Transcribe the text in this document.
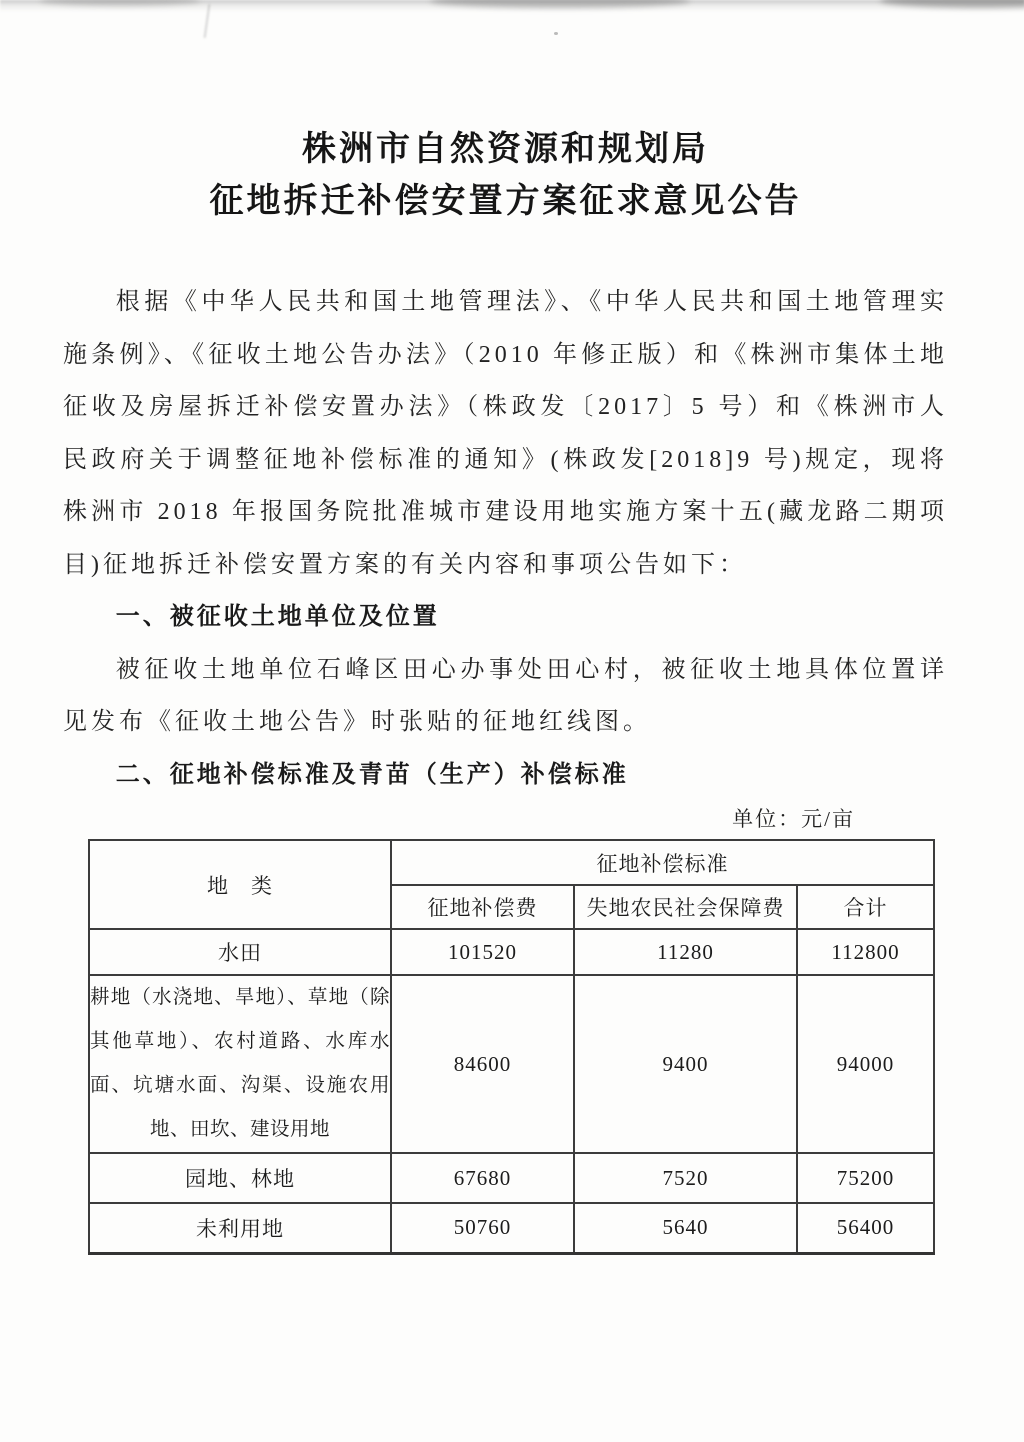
株洲市自然资源和规划局
征地拆迁补偿安置方案征求意见公告

根据《中华人民共和国土地管理法》、《中华人民共和国土地管理实施条例》、《征收土地公告办法》（2010 年修正版）和《株洲市集体土地征收及房屋拆迁补偿安置办法》（株政发〔2017〕5 号）和《株洲市人民政府关于调整征地补偿标准的通知》(株政发[2018]9 号)规定，现将株洲市 2018 年报国务院批准城市建设用地实施方案十五(藏龙路二期项目)征地拆迁补偿安置方案的有关内容和事项公告如下：

一、被征收土地单位及位置

被征收土地单位石峰区田心办事处田心村，被征收土地具体位置详见发布《征收土地公告》时张贴的征地红线图。

二、征地补偿标准及青苗（生产）补偿标准
单位：元/亩
地　类	征地补偿标准		
	征地补偿费	失地农民社会保障费	合计
水田	101520	11280	112800

耕地（水浇地、旱地）、草地（除
其他草地）、农村道路、水库水
面、坑塘水面、沟渠、设施农用
地、田坎、建设用地	84600	9400	94000
园地、林地	67680	7520	75200
未利用地	50760	5640	56400
